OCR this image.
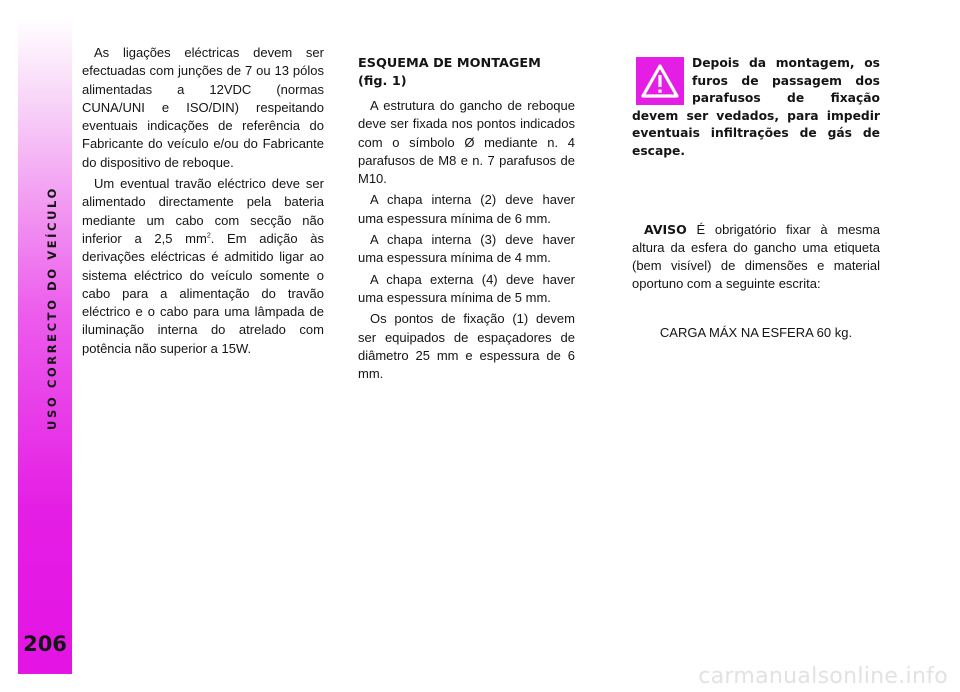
USO CORRECTO DO VEÍCULO
206

As ligações eléctricas devem ser efectuadas com junções de 7 ou 13 pólos alimentadas a 12VDC (normas CUNA/UNI e ISO/DIN) respeitando eventuais indicações de referência do Fabricante do veículo e/ou do Fabricante do dispositivo de reboque.

Um eventual travão eléctrico deve ser alimentado directamente pela bateria mediante um cabo com secção não inferior a 2,5 $mm^2$. Em adição às derivações eléctricas é admitido ligar ao sistema eléctrico do veículo somente o cabo para a alimentação do travão eléctrico e o cabo para uma lâmpada de iluminação interna do atrelado com potência não superior a 15W.

ESQUEMA DE MONTAGEM
(fig. 1)

A estrutura do gancho de reboque deve ser fixada nos pontos indicados com o símbolo Ø mediante n. 4 parafusos de M8 e n. 7 parafusos de M10.

A chapa interna (2) deve haver uma espessura mínima de 6 mm.

A chapa interna (3) deve haver uma espessura mínima de 4 mm.

A chapa externa (4) deve haver uma espessura mínima de 5 mm.

Os pontos de fixação (1) devem ser equipados de espaçadores de diâmetro 25 mm e espessura de 6 mm.

Depois da montagem, os furos de passagem dos parafusos de fixação devem ser vedados, para impedir eventuais infiltrações de gás de escape.
AVISO É obrigatório fixar à mesma altura da esfera do gancho uma etiqueta (bem visível) de dimensões e material oportuno com a seguinte escrita:
CARGA MÁX NA ESFERA 60 kg.
carmanualsonline.info
